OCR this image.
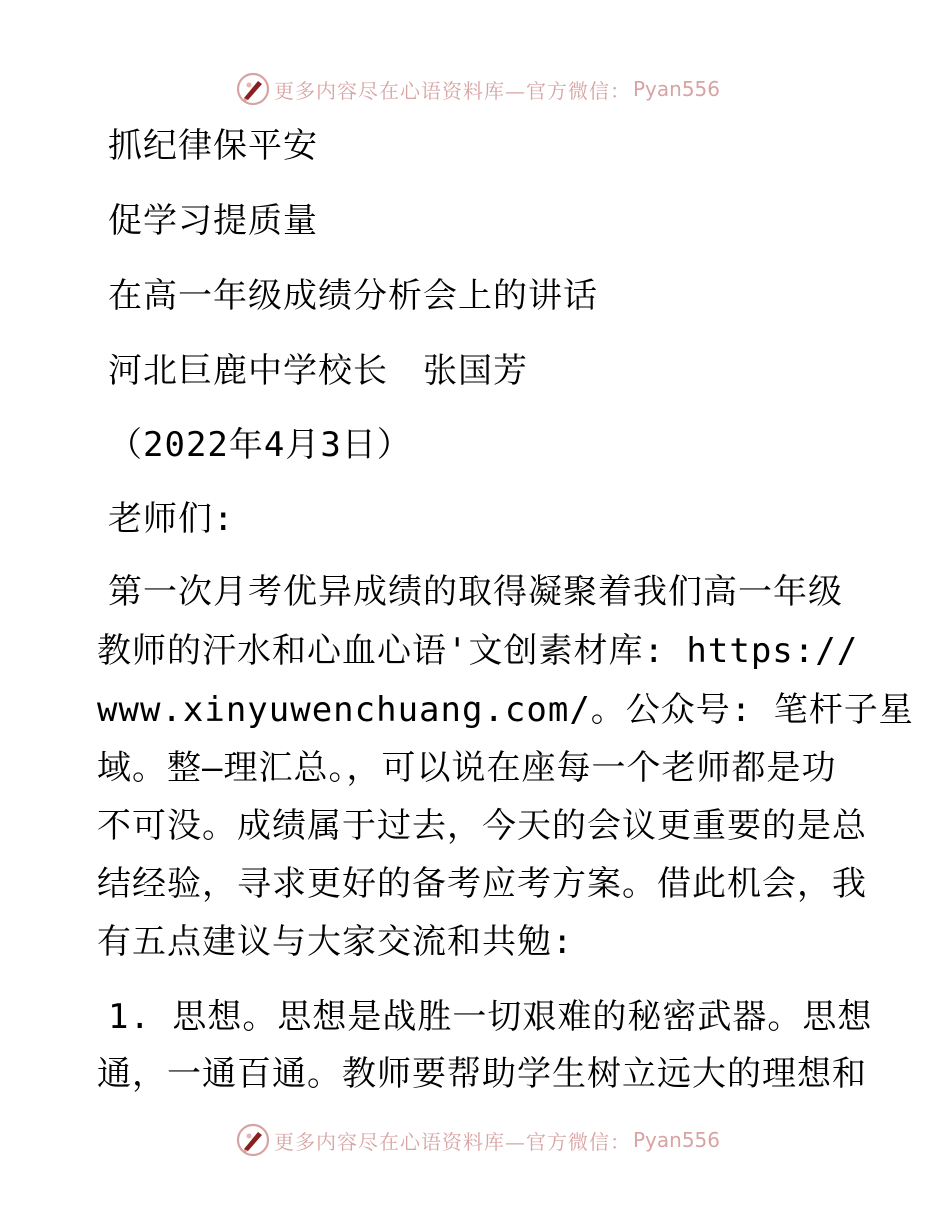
更多内容尽在心语资料库—官方微信： Pyan556
抓纪律保平安
促学习提质量
在高一年级成绩分析会上的讲话
河北巨鹿中学校长　张国芳
（2022年4月3日）
老师们:
第一次月考优异成绩的取得凝聚着我们高一年级
教师的汗水和心血心语'文创素材库: https://
www.xinyuwenchuang.com/。公众号: 笔杆子星
域。整—理汇总。，可以说在座每一个老师都是功
不可没。成绩属于过去，今天的会议更重要的是总
结经验，寻求更好的备考应考方案。借此机会，我
有五点建议与大家交流和共勉:
1. 思想。思想是战胜一切艰难的秘密武器。思想
通，一通百通。教师要帮助学生树立远大的理想和
更多内容尽在心语资料库—官方微信： Pyan556
